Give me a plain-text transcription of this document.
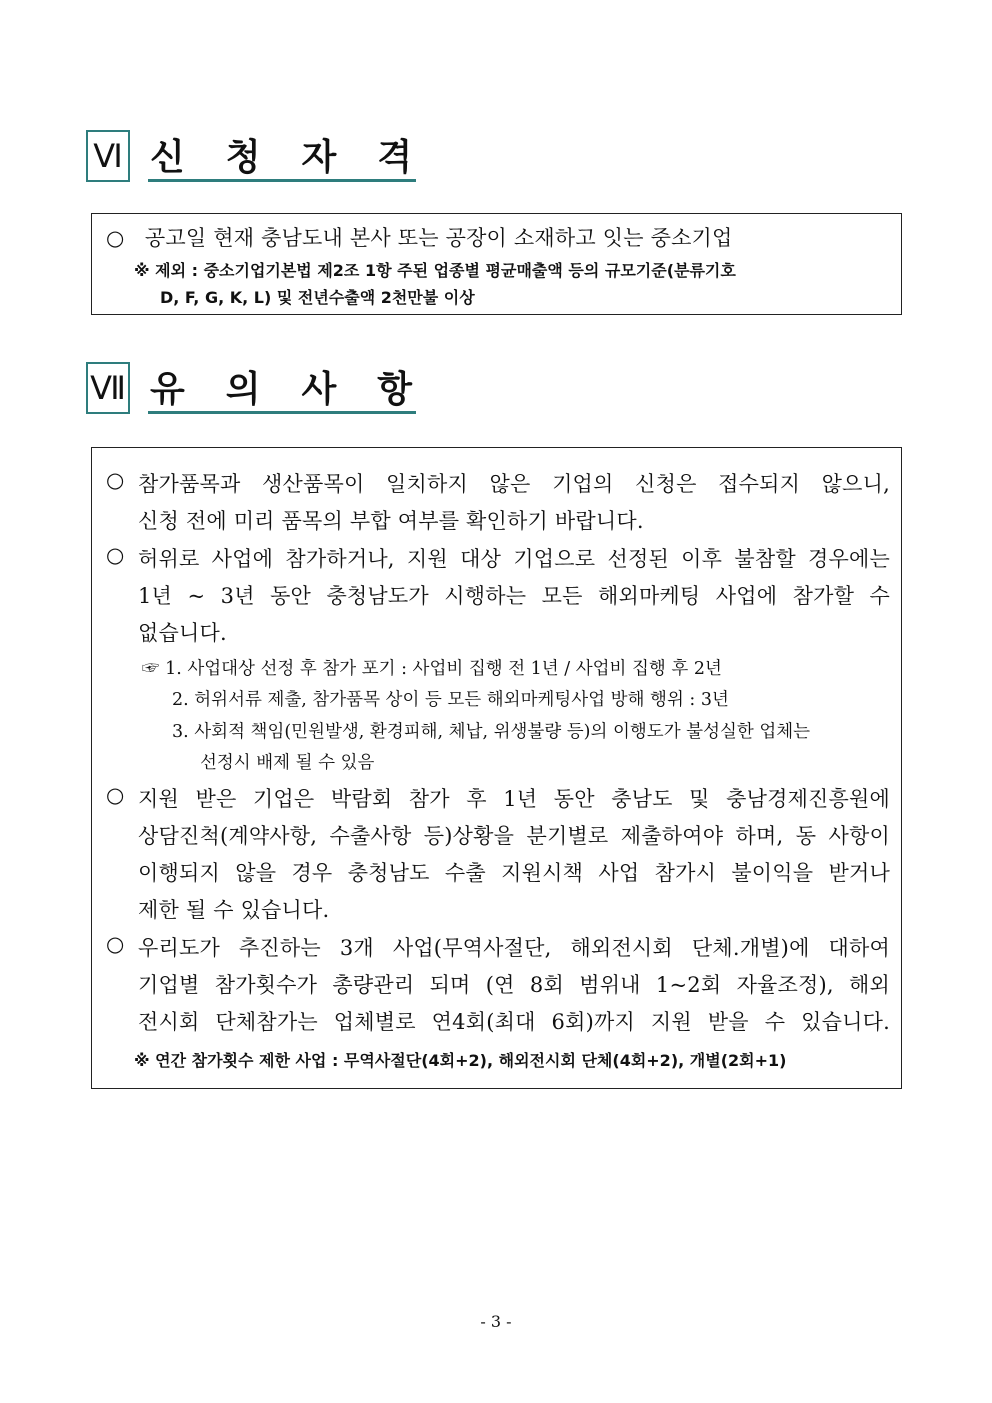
Ⅵ 신 청 자 격
○ 공고일 현재 충남도내 본사 또는 공장이 소재하고 잇는 중소기업
※ 제외 : 중소기업기본법 제2조 1항 주된 업종별 평균매출액 등의 규모기준(분류기호
D, F, G, K, L) 및 전년수출액 2천만불 이상
Ⅶ 유 의 사 항
○ 참가품목과 생산품목이 일치하지 않은 기업의 신청은 접수되지 않으니,
신청 전에 미리 품목의 부합 여부를 확인하기 바랍니다.
○ 허위로 사업에 참가하거나, 지원 대상 기업으로 선정된 이후 불참할 경우에는
1년 ~ 3년 동안 충청남도가 시행하는 모든 해외마케팅 사업에 참가할 수
없습니다.
☞ 1. 사업대상 선정 후 참가 포기 : 사업비 집행 전 1년 / 사업비 집행 후 2년
2. 허위서류 제출, 참가품목 상이 등 모든 해외마케팅사업 방해 행위 : 3년
3. 사회적 책임(민원발생, 환경피해, 체납, 위생불량 등)의 이행도가 불성실한 업체는
선정시 배제 될 수 있음
○ 지원 받은 기업은 박람회 참가 후 1년 동안 충남도 및 충남경제진흥원에
상담진척(계약사항, 수출사항 등)상황을 분기별로 제출하여야 하며, 동 사항이
이행되지 않을 경우 충청남도 수출 지원시책 사업 참가시 불이익을 받거나
제한 될 수 있습니다.
○ 우리도가 추진하는 3개 사업(무역사절단, 해외전시회 단체.개별)에 대하여
기업별 참가횟수가 총량관리 되며 (연 8회 범위내 1~2회 자율조정), 해외
전시회 단체참가는 업체별로 연4회(최대 6회)까지 지원 받을 수 있습니다.
※ 연간 참가횟수 제한 사업 : 무역사절단(4회+2), 해외전시회 단체(4회+2), 개별(2회+1)
- 3 -
